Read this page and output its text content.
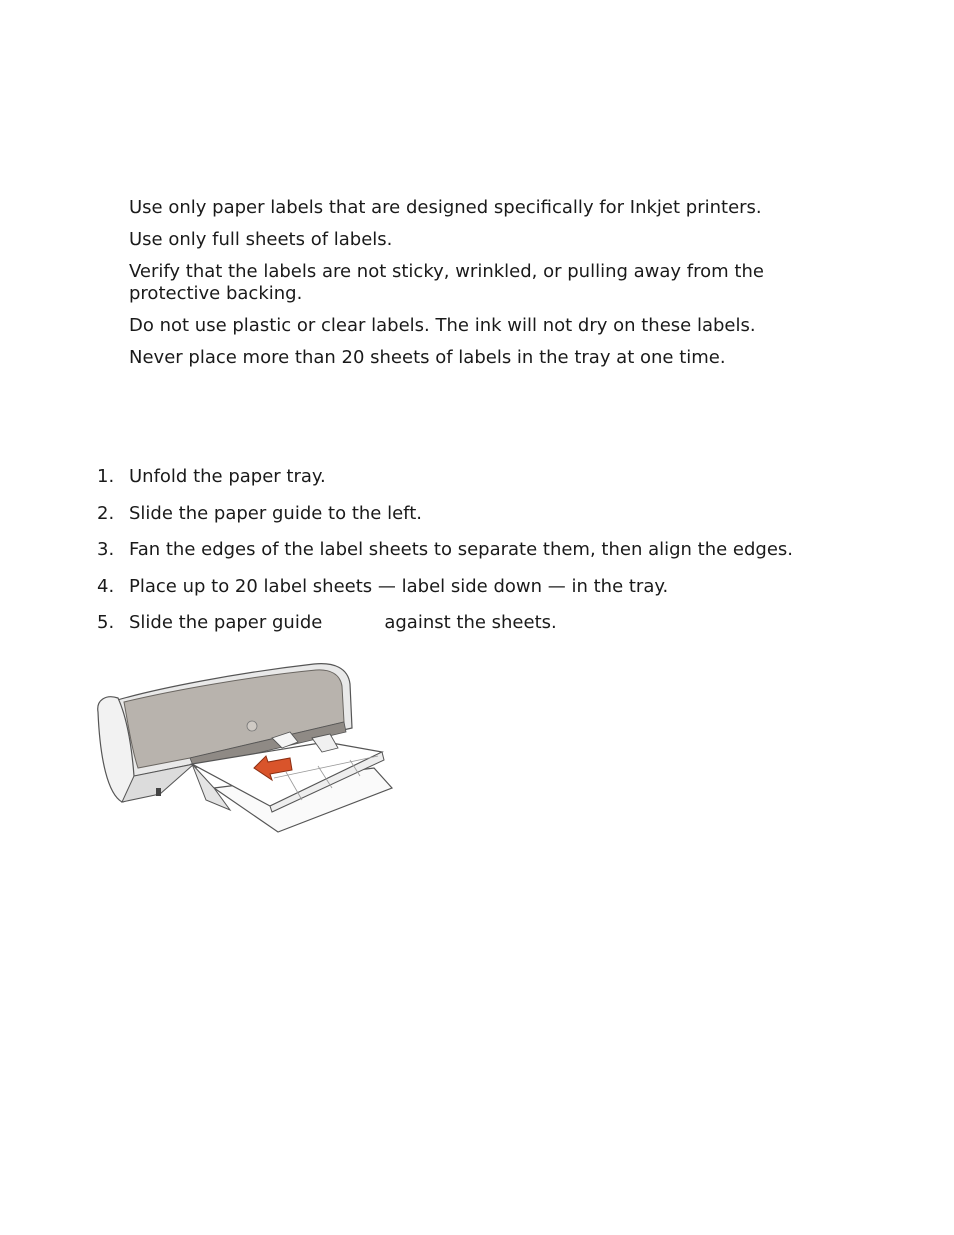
Use only paper labels that are designed specifically for Inkjet printers.

Use only full sheets of labels.

Verify that the labels are not sticky, wrinkled, or pulling away from the protective backing.

Do not use plastic or clear labels. The ink will not dry on these labels.

Never place more than 20 sheets of labels in the tray at one time.

1. Unfold the paper tray.

2. Slide the paper guide to the left.

3. Fan the edges of the label sheets to separate them, then align the edges.

4. Place up to 20 label sheets — label side down — in the tray.

5. Slide the paper guide	against the sheets.
